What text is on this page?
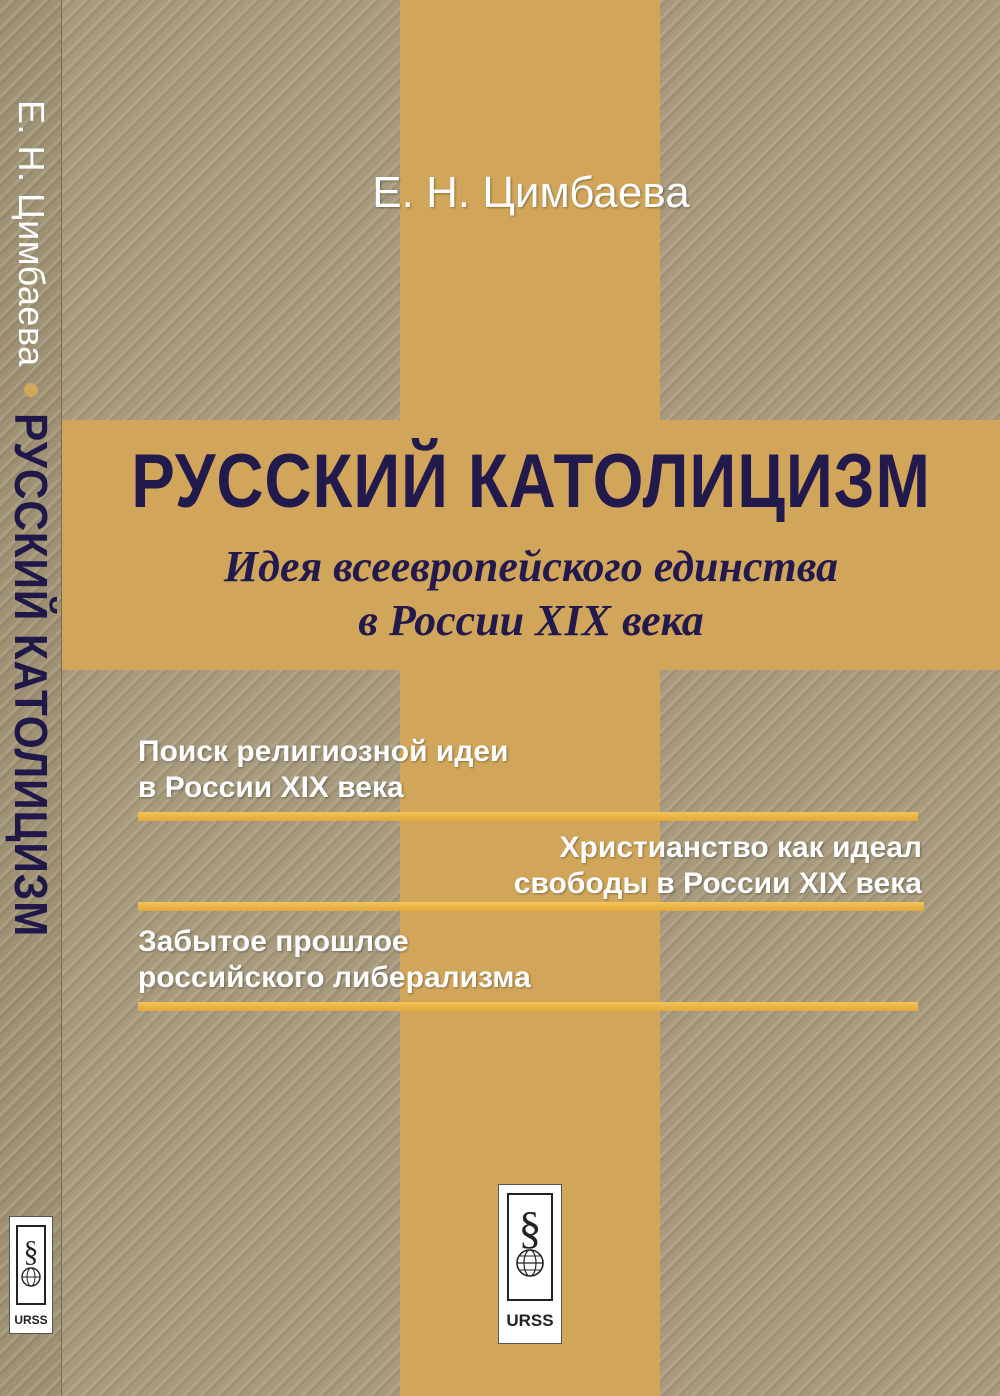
Е. Н. Цимбаева
РУССКИЙ КАТОЛИЦИЗМ
§
URSS
Е. Н. Цимбаева
РУССКИЙ КАТОЛИЦИЗМ
Идея всеевропейского единства
в России XIX века
Поиск религиозной идеи
в России XIX века
Христианство как идеал
свободы в России XIX века
Забытое прошлое
российского либерализма
§
URSS
